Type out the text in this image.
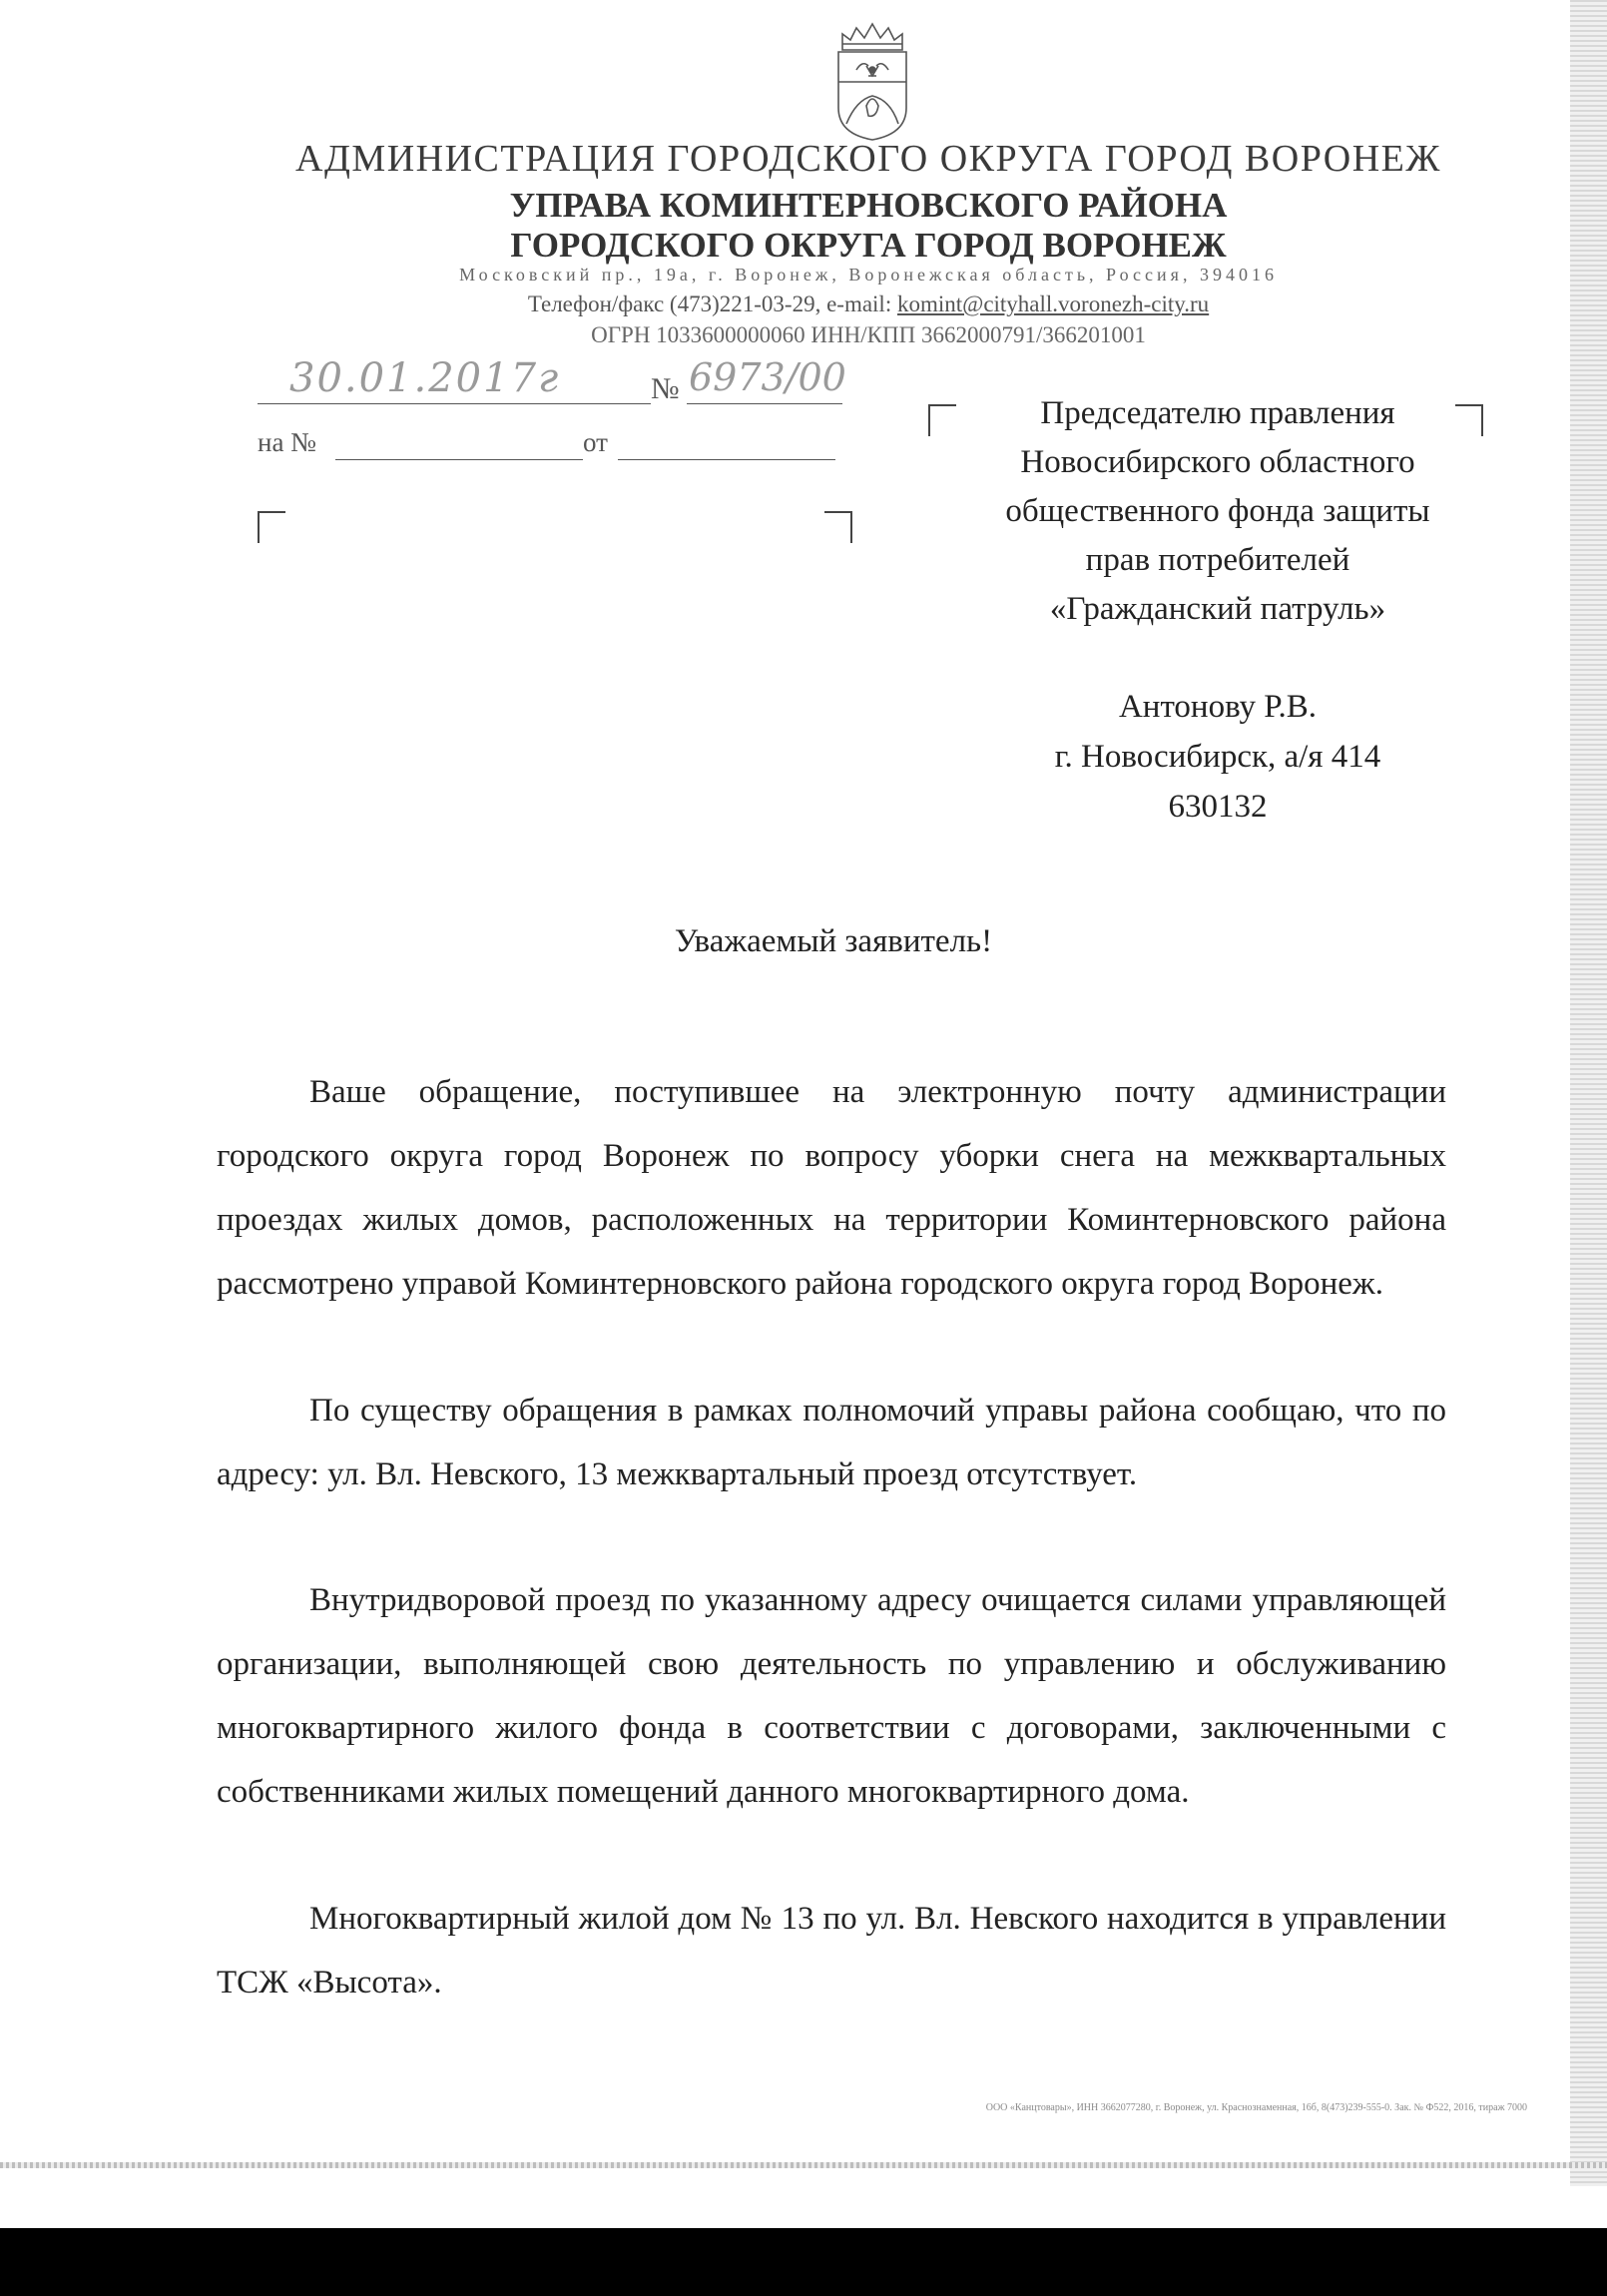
АДМИНИСТРАЦИЯ ГОРОДСКОГО ОКРУГА ГОРОД ВОРОНЕЖ
УПРАВА КОМИНТЕРНОВСКОГО РАЙОНА
ГОРОДСКОГО ОКРУГА ГОРОД ВОРОНЕЖ
Московский пр., 19а, г. Воронеж, Воронежская область, Россия, 394016
Телефон/факс (473)221-03-29, e-mail: komint@cityhall.voronezh-city.ru
ОГРН 1033600000060 ИНН/КПП 3662000791/366201001
30.01.2017г	№ 6973/00
на №	от
Председателю правления
Новосибирского областного
общественного фонда защиты
прав потребителей
«Гражданский патруль»
Антонову Р.В.
г. Новосибирск, а/я 414
630132
Уважаемый заявитель!
Ваше обращение, поступившее на электронную почту администрации городского округа город Воронеж по вопросу уборки снега на межквартальных проездах жилых домов, расположенных на территории Коминтерновского района рассмотрено управой Коминтерновского района городского округа город Воронеж.
По существу обращения в рамках полномочий управы района сообщаю, что по адресу: ул. Вл. Невского, 13 межквартальный проезд отсутствует.
Внутридворовой проезд по указанному адресу очищается силами управляющей организации, выполняющей свою деятельность по управлению и обслуживанию многоквартирного жилого фонда в соответствии с договорами, заключенными с собственниками жилых помещений данного многоквартирного дома.
Многоквартирный жилой дом № 13 по ул. Вл. Невского находится в управлении ТСЖ «Высота».
ООО «Канцтовары», ИНН 3662077280, г. Воронеж, ул. Краснознаменная, 16б, 8(473)239-555-0. Зак. № Ф522, 2016, тираж 7000
